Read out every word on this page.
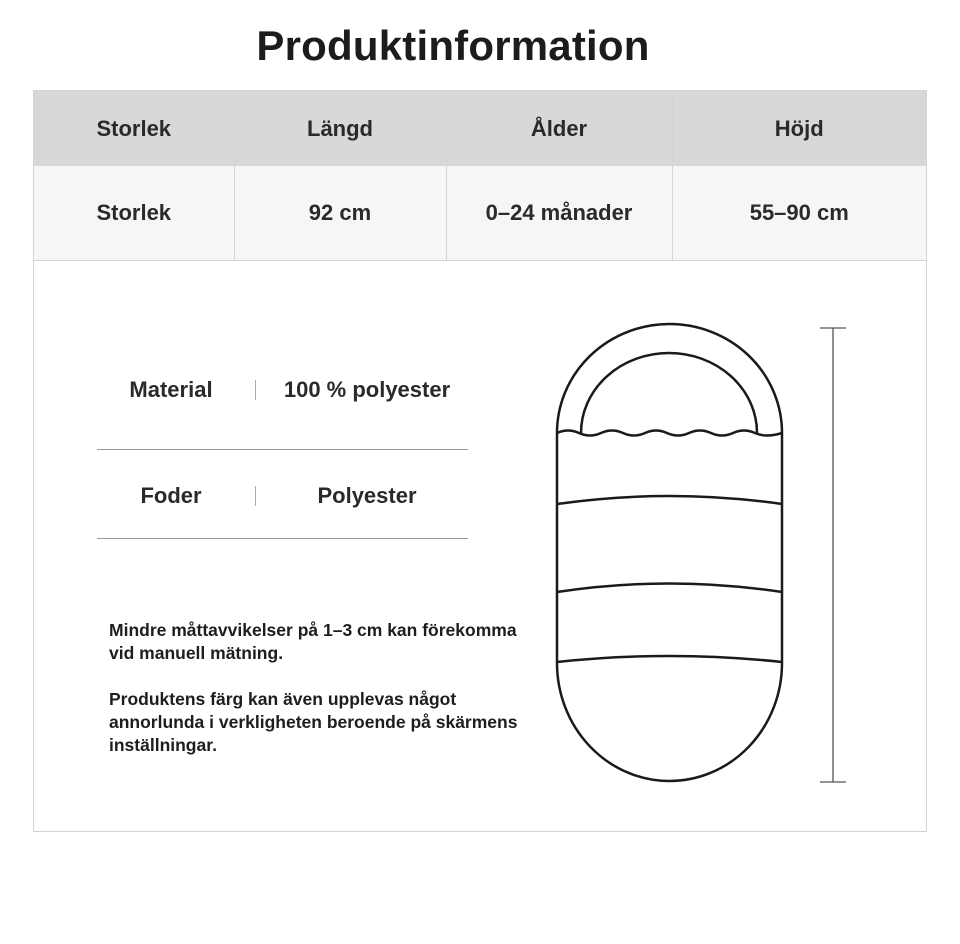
Produktinformation
Storlek	Längd	Ålder	Höjd
Storlek	92 cm	0–24 månader	55–90 cm
Material	100 % polyester
Foder	Polyester

Mindre måttavvikelser på 1–3 cm kan förekomma vid manuell mätning.

Produktens färg kan även upplevas något annorlunda i verkligheten beroende på skärmens inställningar.
